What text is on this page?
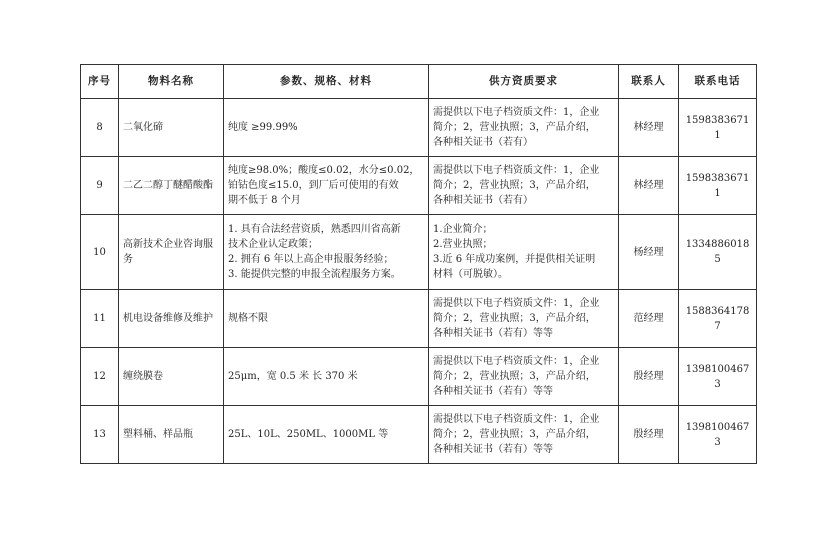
序号	物料名称	参数、规格、材料	供方资质要求	联系人	联系电话
8	二氧化碲	纯度 ≥99.99%	需提供以下电子档资质文件：1，企业
简介；2，营业执照；3，产品介绍，
各种相关证书（若有）	林经理	15983836711
9	二乙二醇丁醚醋酸酯	纯度≥98.0%；酸度≤0.02，水分≤0.02，
铂钴色度≤15.0，到厂后可使用的有效
期不低于 8 个月	需提供以下电子档资质文件：1，企业
简介；2，营业执照；3，产品介绍，
各种相关证书（若有）	林经理	15983836711
10	高新技术企业咨询服务	1. 具有合法经营资质，熟悉四川省高新
技术企业认定政策；
2. 拥有 6 年以上高企申报服务经验；
3. 能提供完整的申报全流程服务方案。	1.企业简介；
2.营业执照；
3.近 6 年成功案例，并提供相关证明
材料（可脱敏）。	杨经理	13348860185
11	机电设备维修及维护	规格不限	需提供以下电子档资质文件：1，企业
简介；2，营业执照；3，产品介绍，
各种相关证书（若有）等等	范经理	15883641787
12	缠绕膜卷	25μm，宽 0.5 米 长 370 米	需提供以下电子档资质文件：1，企业
简介；2，营业执照；3，产品介绍，
各种相关证书（若有）等等	殷经理	13981004673
13	塑料桶、样品瓶	25L、10L、250ML、1000ML 等	需提供以下电子档资质文件：1，企业
简介；2，营业执照；3，产品介绍，
各种相关证书（若有）等等	殷经理	13981004673
